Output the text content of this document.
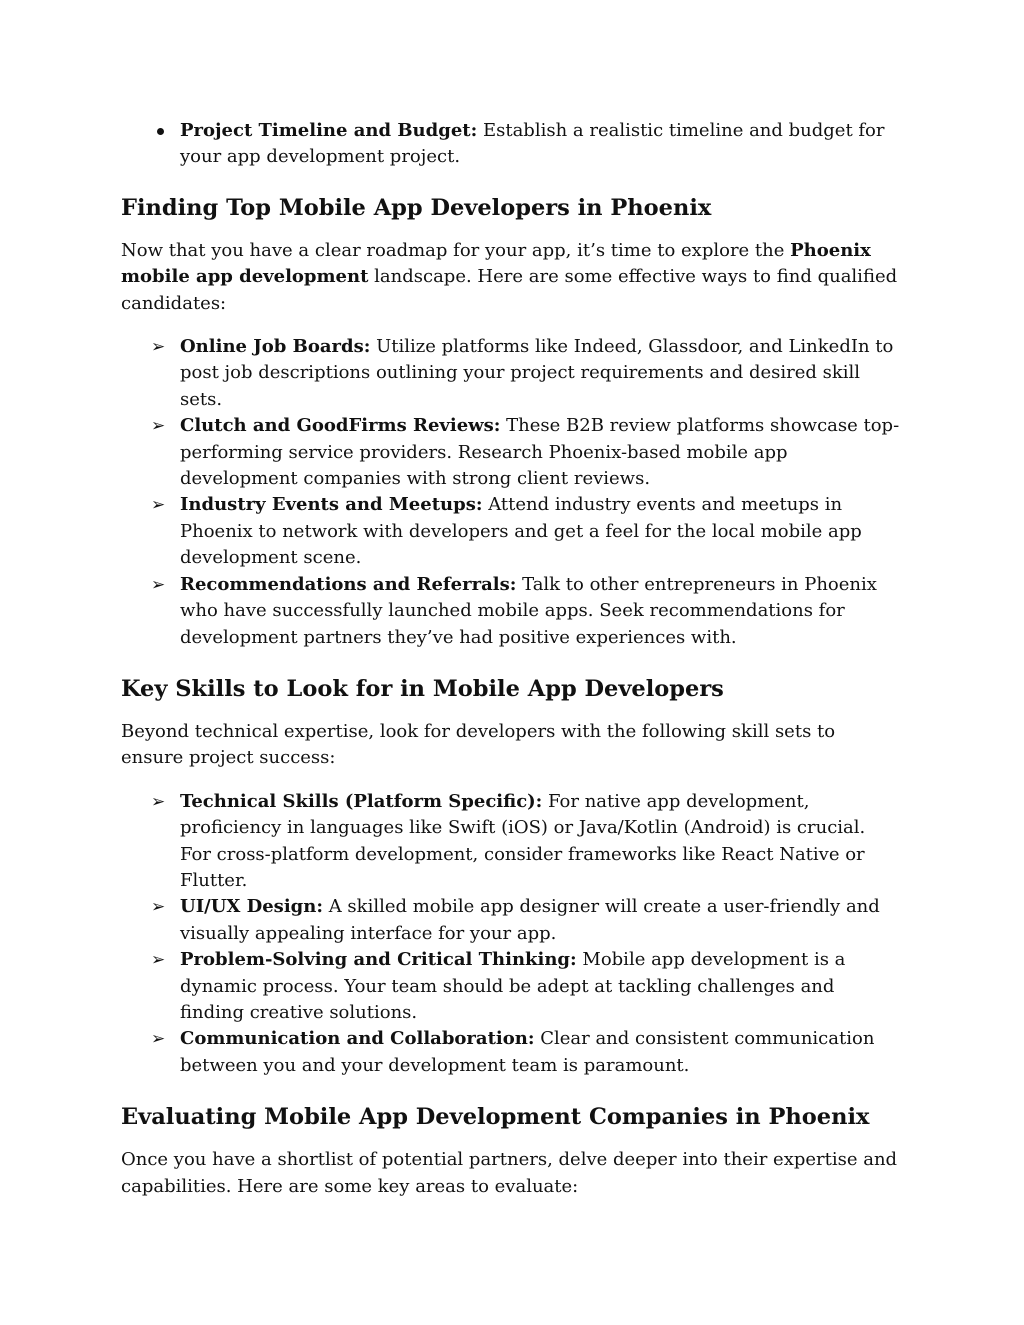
Project Timeline and Budget: Establish a realistic timeline and budget for your app development project.
Finding Top Mobile App Developers in Phoenix

Now that you have a clear roadmap for your app, it’s time to explore the Phoenix mobile app development landscape. Here are some effective ways to find qualified candidates:

➢ Online Job Boards: Utilize platforms like Indeed, Glassdoor, and LinkedIn to post job descriptions outlining your project requirements and desired skill sets.
➢ Clutch and GoodFirms Reviews: These B2B review platforms showcase top-performing service providers. Research Phoenix-based mobile app development companies with strong client reviews.
➢ Industry Events and Meetups: Attend industry events and meetups in Phoenix to network with developers and get a feel for the local mobile app development scene.
➢ Recommendations and Referrals: Talk to other entrepreneurs in Phoenix who have successfully launched mobile apps. Seek recommendations for development partners they’ve had positive experiences with.
Key Skills to Look for in Mobile App Developers

Beyond technical expertise, look for developers with the following skill sets to ensure project success:

➢ Technical Skills (Platform Specific): For native app development, proficiency in languages like Swift (iOS) or Java/Kotlin (Android) is crucial. For cross-platform development, consider frameworks like React Native or Flutter.
➢ UI/UX Design: A skilled mobile app designer will create a user-friendly and visually appealing interface for your app.
➢ Problem-Solving and Critical Thinking: Mobile app development is a dynamic process. Your team should be adept at tackling challenges and finding creative solutions.
➢ Communication and Collaboration: Clear and consistent communication between you and your development team is paramount.
Evaluating Mobile App Development Companies in Phoenix

Once you have a shortlist of potential partners, delve deeper into their expertise and capabilities. Here are some key areas to evaluate:
